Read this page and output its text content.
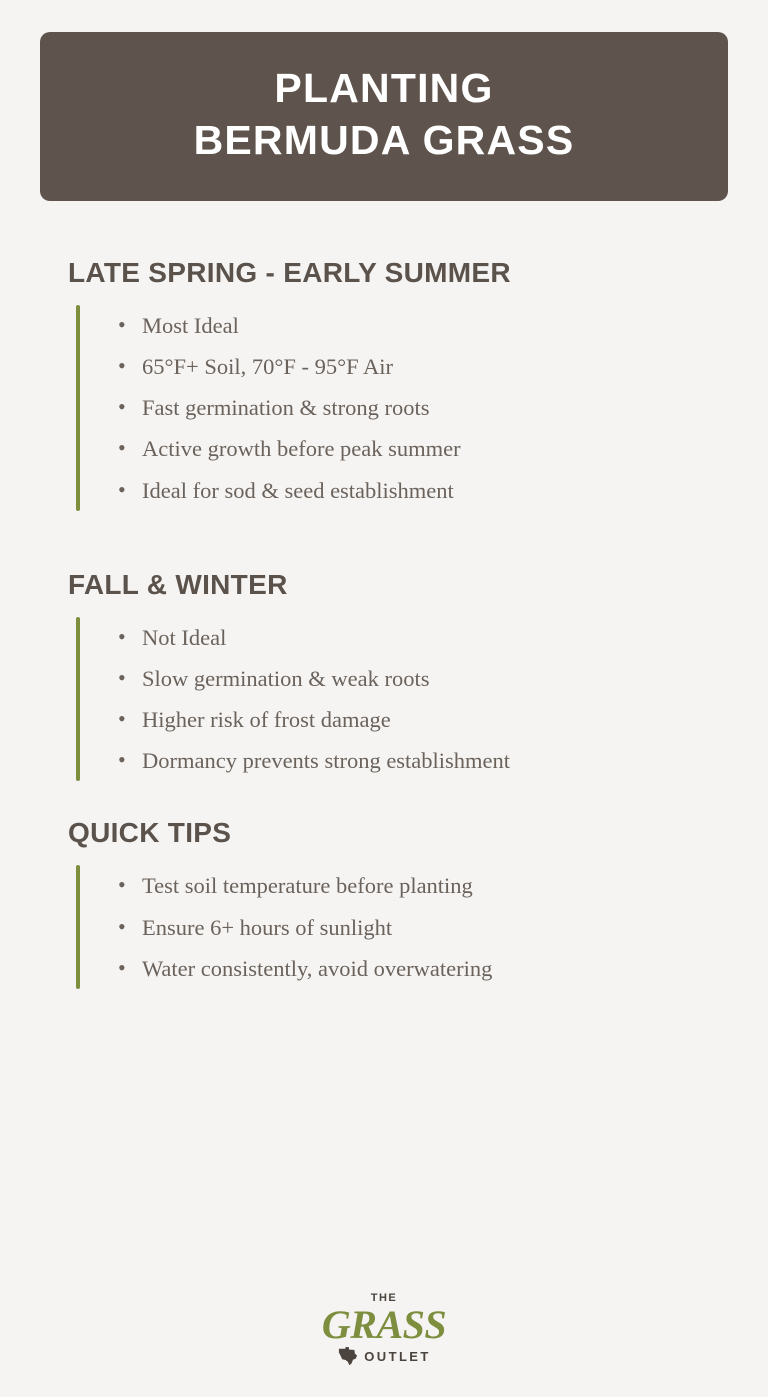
PLANTING
BERMUDA GRASS
LATE SPRING - EARLY SUMMER
• Most Ideal
• 65°F+ Soil, 70°F - 95°F Air
• Fast germination & strong roots
• Active growth before peak summer
• Ideal for sod & seed establishment
FALL & WINTER
• Not Ideal
• Slow germination & weak roots
• Higher risk of frost damage
• Dormancy prevents strong establishment
QUICK TIPS
• Test soil temperature before planting
• Ensure 6+ hours of sunlight
• Water consistently, avoid overwatering
THE
GRASS
OUTLET
